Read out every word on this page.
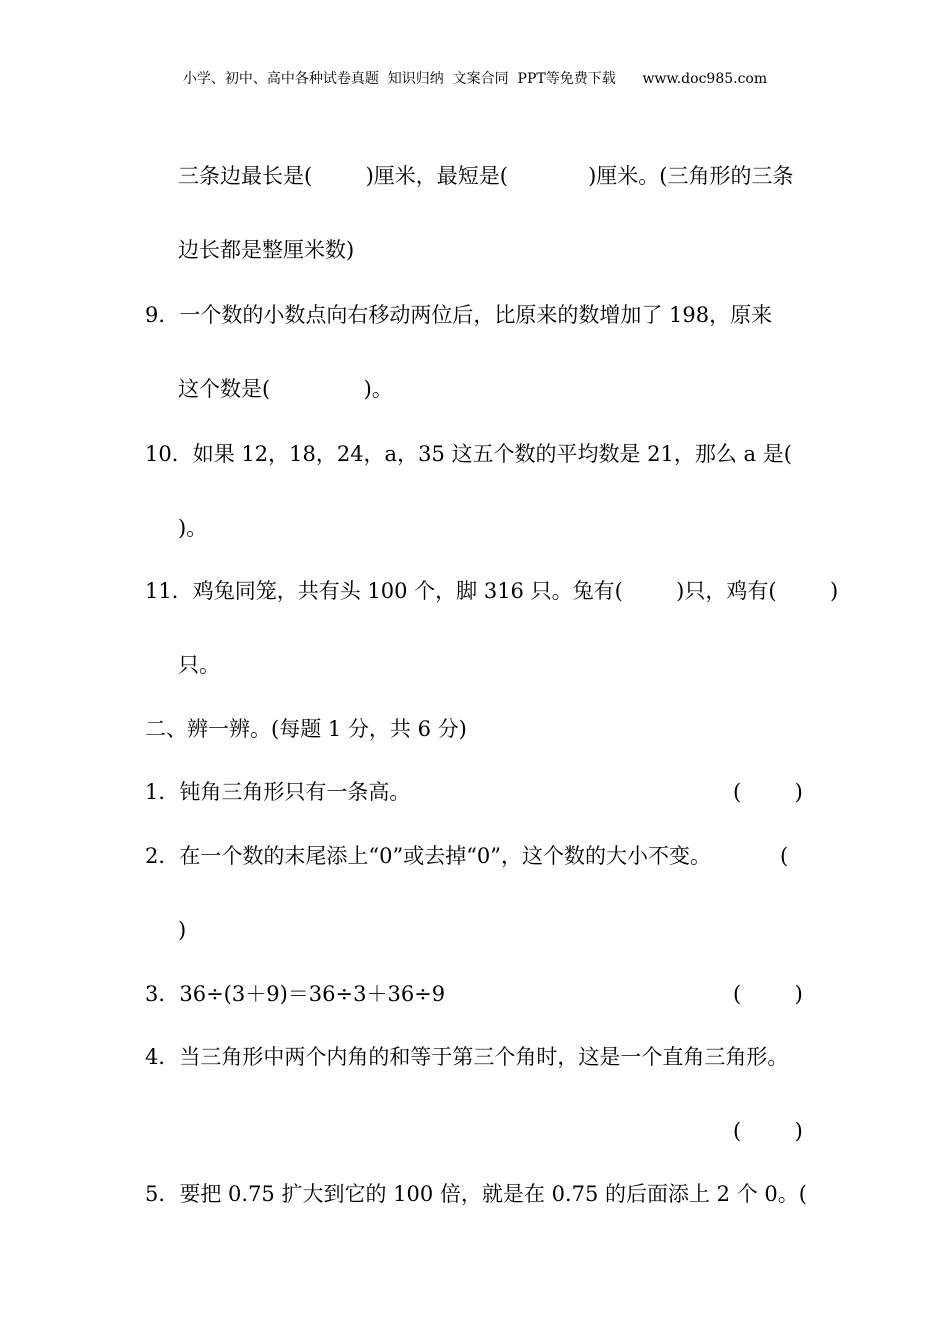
小学、初中、高中各种试卷真题  知识归纳  文案合同  PPT等免费下载      www.doc985.com
三条边最长是(        )厘米，最短是(            )厘米。(三角形的三条
边长都是整厘米数)
9．一个数的小数点向右移动两位后，比原来的数增加了 198，原来
这个数是(              )。
10．如果 12，18，24，a，35 这五个数的平均数是 21，那么 a 是(
)。
11．鸡兔同笼，共有头 100 个，脚 316 只。兔有(        )只，鸡有(        )
只。
二、辨一辨。(每题 1 分，共 6 分)
1．钝角三角形只有一条高。	(        )
2．在一个数的末尾添上“0”或去掉“0”，这个数的大小不变。	(
)
3．36÷(3＋9)＝36÷3＋36÷9	(        )
4．当三角形中两个内角的和等于第三个角时，这是一个直角三角形。
(        )
5．要把 0.75 扩大到它的 100 倍，就是在 0.75 的后面添上 2 个 0。(
